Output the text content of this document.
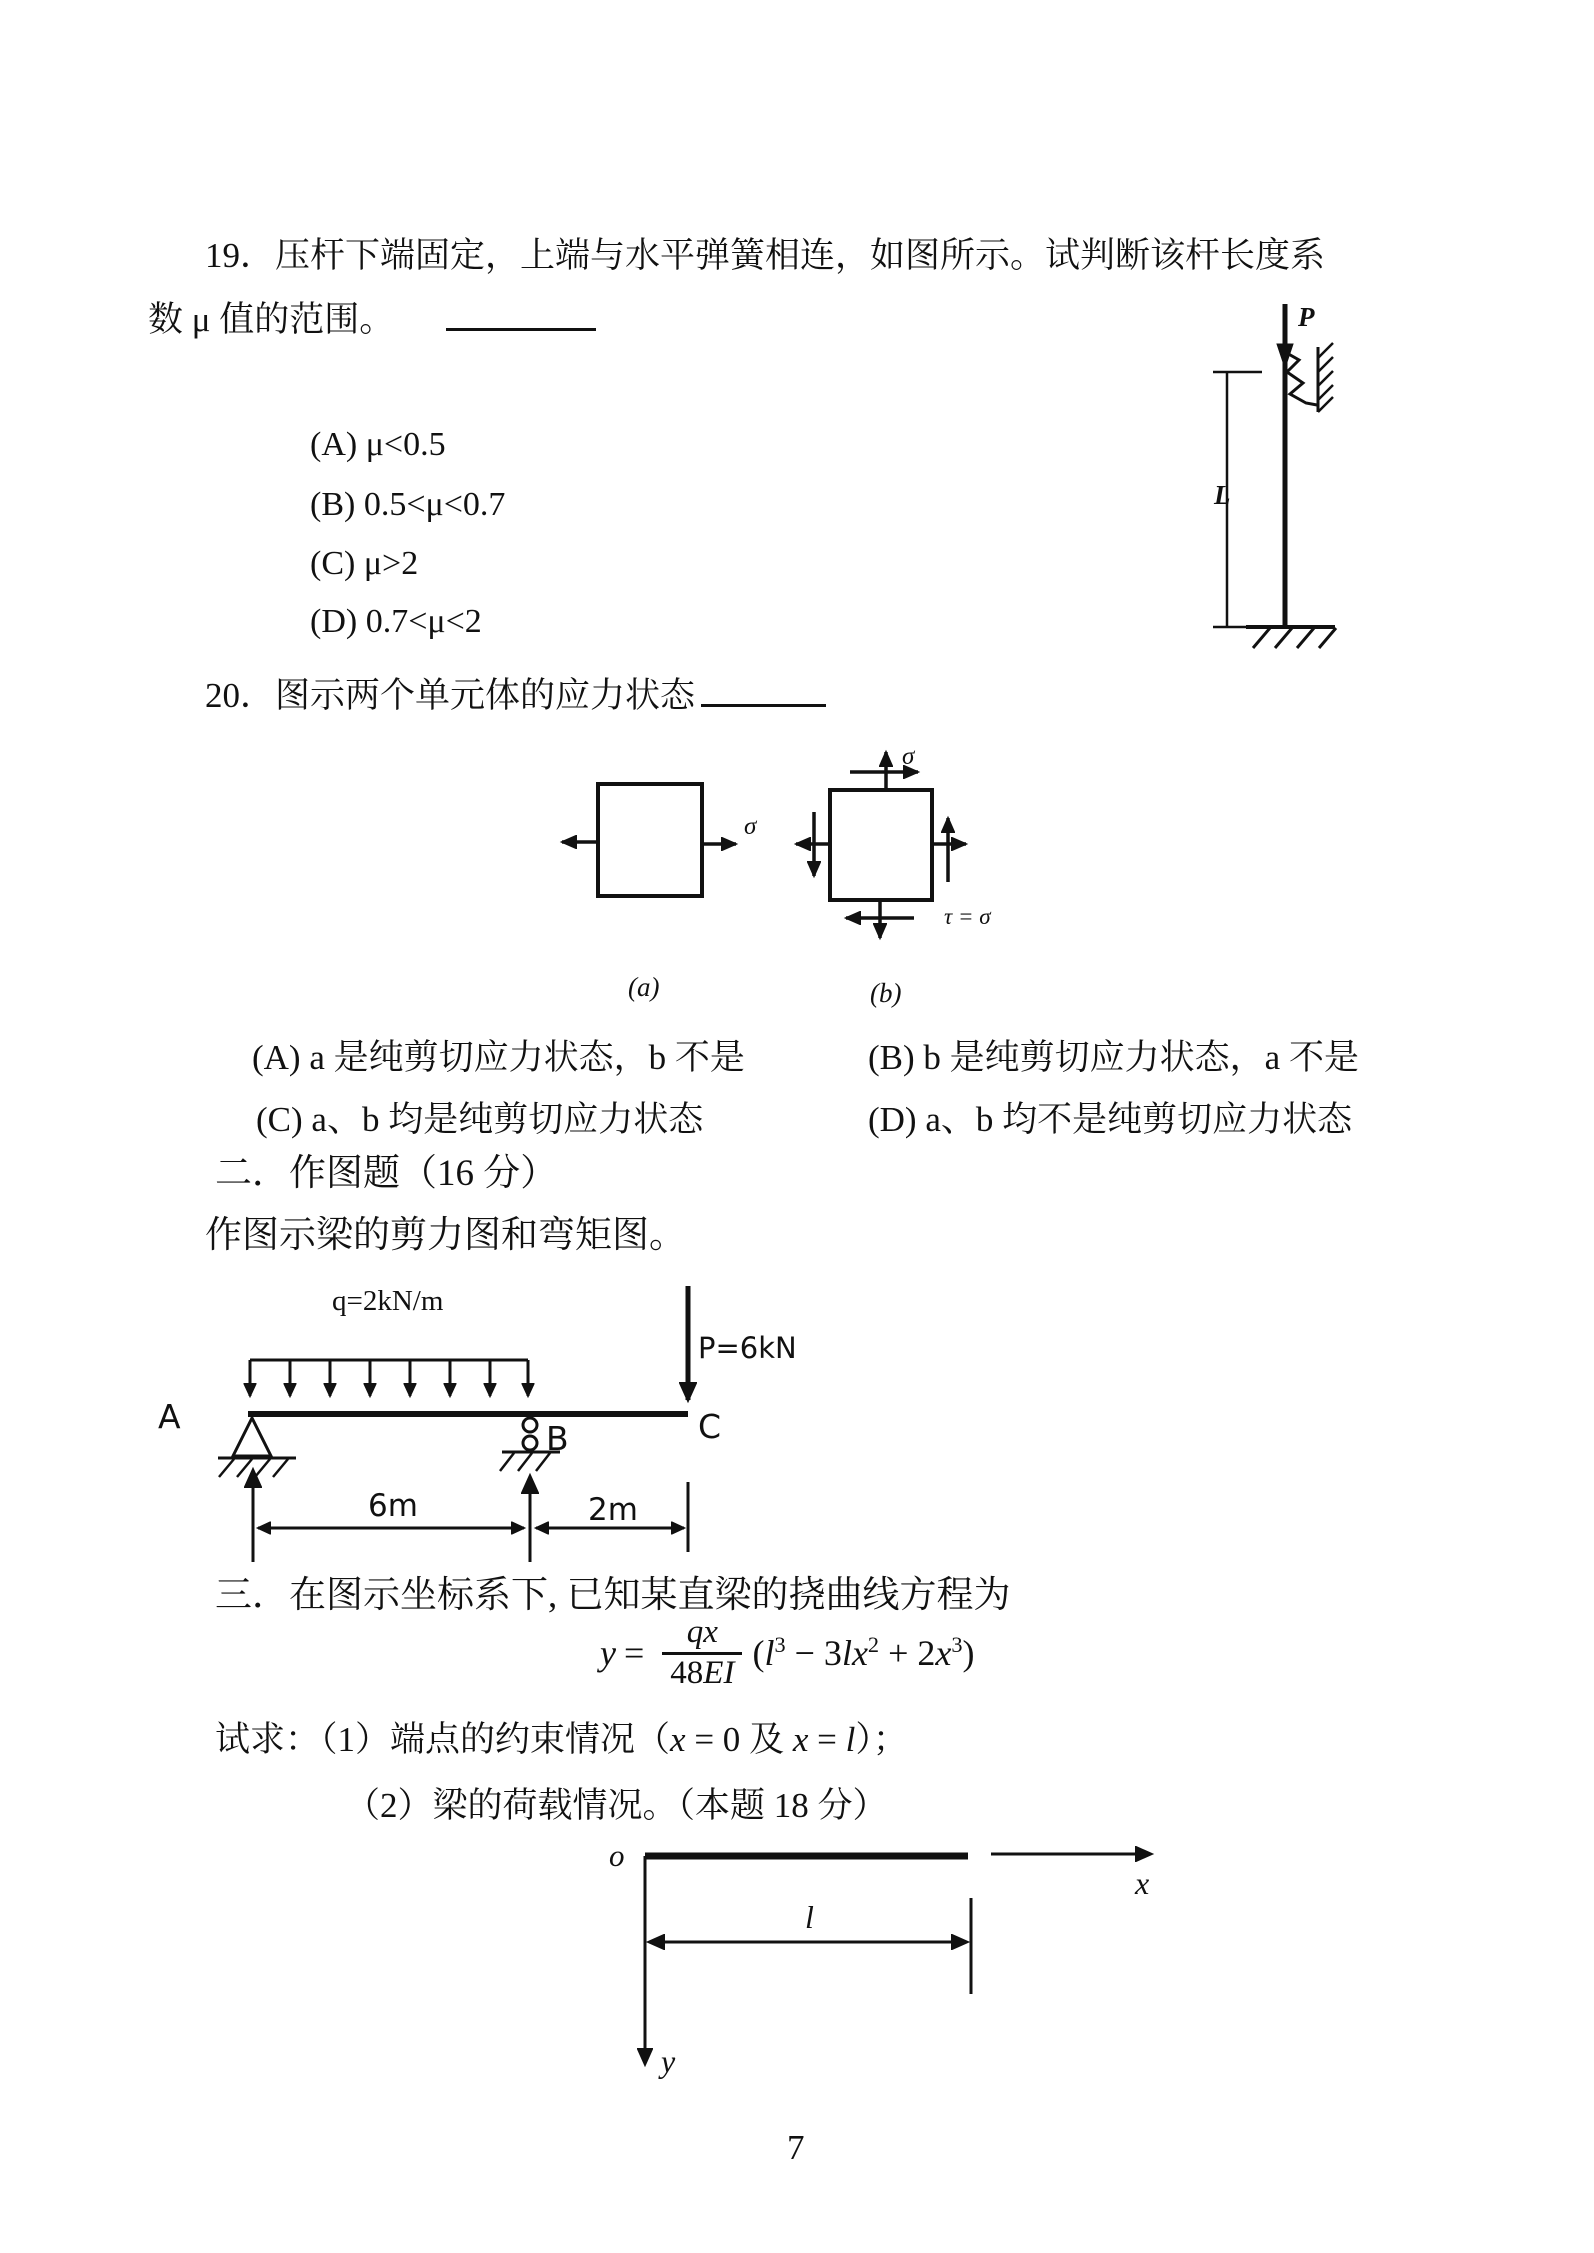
19．压杆下端固定，上端与水平弹簧相连，如图所示。试判断该杆长度系
数 μ 值的范围。
(A) μ<0.5
(B) 0.5<μ<0.7
(C) μ>2
(D) 0.7<μ<2
P
L
20．图示两个单元体的应力状态
σ
(a)
σ
τ = σ
(b)
(A) a 是纯剪切应力状态，b 不是	(B) b 是纯剪切应力状态，a 不是
(C) a、b 均是纯剪切应力状态	(D) a、b 均不是纯剪切应力状态
二．作图题（16 分）
作图示梁的剪力图和弯矩图。
q=2kN/m
A
B	C
P=6kN
6m	2m
三．在图示坐标系下, 已知某直梁的挠曲线方程为
$y = \frac{qx}{48EI} (l^3 - 3lx^2 + 2x^3)$
试求：（1）端点的约束情况（x = 0 及 x = l）；
（2）梁的荷载情况。（本题 18 分）
o
x
y
l
7
